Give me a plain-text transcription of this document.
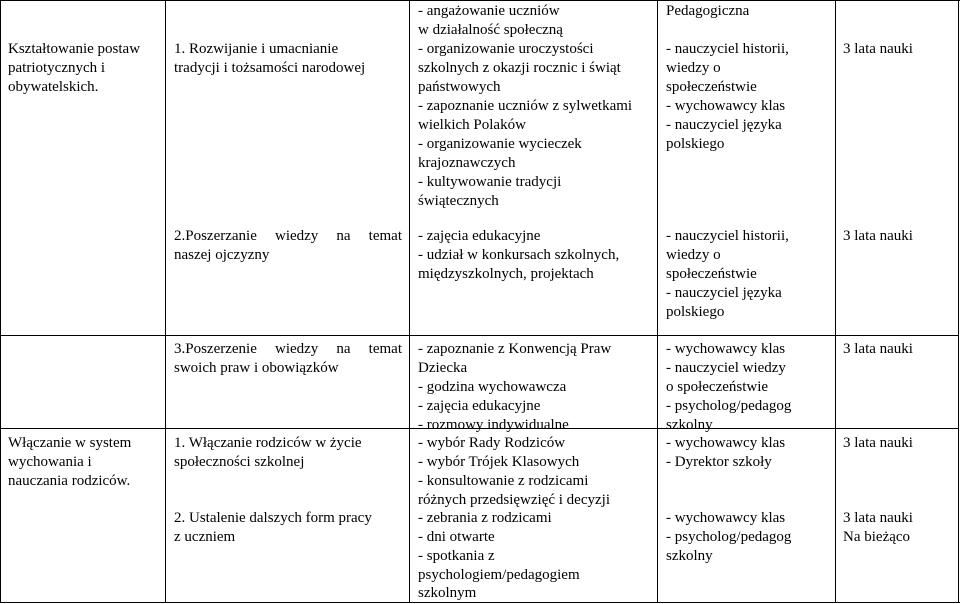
Kształtowanie postaw
patriotycznych i
obywatelskich.
1. Rozwijanie i umacnianie
tradycji i tożsamości narodowej
- angażowanie uczniów
w działalność społeczną
- organizowanie uroczystości
szkolnych z okazji rocznic i świąt
państwowych
- zapoznanie uczniów z sylwetkami
wielkich Polaków
- organizowanie wycieczek
krajoznawczych
- kultywowanie tradycji
świątecznych
Pedagogiczna
- nauczyciel historii,
wiedzy o
społeczeństwie
- wychowawcy klas
- nauczyciel języka
polskiego
3 lata nauki
2.Poszerzanie wiedzy na temat
naszej ojczyzny
- zajęcia edukacyjne
- udział w konkursach szkolnych,
międzyszkolnych, projektach
- nauczyciel historii,
wiedzy o
społeczeństwie
- nauczyciel języka
polskiego
3 lata nauki
3.Poszerzenie wiedzy na temat
swoich praw i obowiązków
- zapoznanie z Konwencją Praw
Dziecka
- godzina wychowawcza
- zajęcia edukacyjne
- rozmowy indywidualne
- wychowawcy klas
- nauczyciel wiedzy
o społeczeństwie
- psycholog/pedagog
szkolny
3 lata nauki
Włączanie w system
wychowania i
nauczania rodziców.
1. Włączanie rodziców w życie
społeczności szkolnej
- wybór Rady Rodziców
- wybór Trójek Klasowych
- konsultowanie z rodzicami
różnych przedsięwzięć i decyzji
- wychowawcy klas
- Dyrektor szkoły
3 lata nauki
2. Ustalenie dalszych form pracy
z uczniem
- zebrania z rodzicami
- dni otwarte
- spotkania z
psychologiem/pedagogiem
szkolnym
- wychowawcy klas
- psycholog/pedagog
szkolny
3 lata nauki
Na bieżąco
